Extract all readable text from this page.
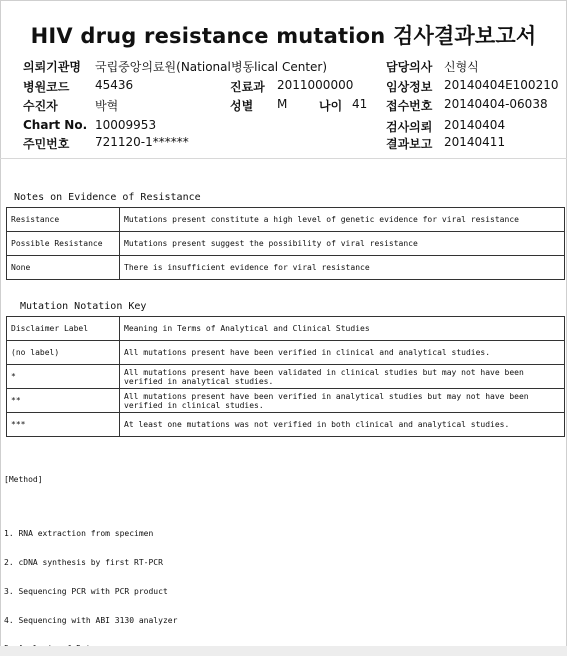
HIV drug resistance mutation 검사결과보고서
의뢰기관명 국립중앙의료원(National 병동lical Center)	담당의사 신형식
병원코드 45436	진료과 2011000000	임상정보 20140404E100210
수진자	박혁	성별 M	나이 41 접수번호 20140404-06038
Chart No. 10009953	검사의뢰 20140404
주민번호 721120-1******	결과보고 20140411
Notes on Evidence of Resistance
Resistance	Mutations present constitute a high level of genetic evidence for viral resistance
Possible Resistance	Mutations present suggest the possibility of viral resistance
None	There is insufficient evidence for viral resistance
Mutation Notation Key
Disclaimer Label	Meaning in Terms of Analytical and Clinical Studies
(no label)	All mutations present have been verified in clinical and analytical studies.
*	All mutations present have been validated in clinical studies but may not have been verified in analytical studies.
**	All mutations present have been verified in analytical studies but may not have been verified in clinical studies.
***	At least one mutations was not verified in both clinical and analytical studies.

[Method]

1. RNA extraction from specimen

2. cDNA synthesis by first RT-PCR

3. Sequencing PCR with PCR product

4. Sequencing with ABI 3130 analyzer
